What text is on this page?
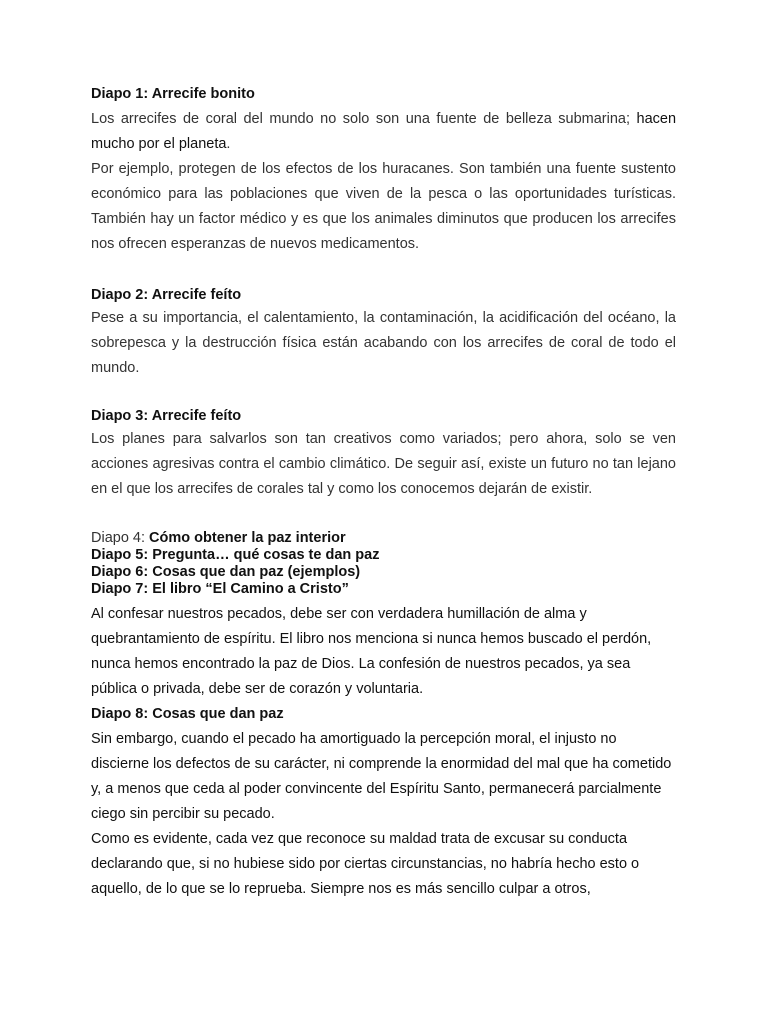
Diapo 1: Arrecife bonito

Los arrecifes de coral del mundo no solo son una fuente de belleza submarina; hacen mucho por el planeta.

Por ejemplo, protegen de los efectos de los huracanes. Son también una fuente sustento económico para las poblaciones que viven de la pesca o las oportunidades turísticas. También hay un factor médico y es que los animales diminutos que producen los arrecifes nos ofrecen esperanzas de nuevos medicamentos.

Diapo 2: Arrecife feíto

Pese a su importancia, el calentamiento, la contaminación, la acidificación del océano, la sobrepesca y la destrucción física están acabando con los arrecifes de coral de todo el mundo.

Diapo 3: Arrecife feíto

Los planes para salvarlos son tan creativos como variados; pero ahora, solo se ven acciones agresivas contra el cambio climático. De seguir así, existe un futuro no tan lejano en el que los arrecifes de corales tal y como los conocemos dejarán de existir.

Diapo 4: Cómo obtener la paz interior

Diapo 5: Pregunta… qué cosas te dan paz

Diapo 6: Cosas que dan paz (ejemplos)

Diapo 7: El libro “El Camino a Cristo”

Al confesar nuestros pecados, debe ser con verdadera humillación de alma y quebrantamiento de espíritu. El libro nos menciona si nunca hemos buscado el perdón, nunca hemos encontrado la paz de Dios. La confesión de nuestros pecados, ya sea pública o privada, debe ser de corazón y voluntaria.

Diapo 8: Cosas que dan paz

Sin embargo, cuando el pecado ha amortiguado la percepción moral, el injusto no discierne los defectos de su carácter, ni comprende la enormidad del mal que ha cometido y, a menos que ceda al poder convincente del Espíritu Santo, permanecerá parcialmente ciego sin percibir su pecado.

Como es evidente, cada vez que reconoce su maldad trata de excusar su conducta declarando que, si no hubiese sido por ciertas circunstancias, no habría hecho esto o aquello, de lo que se lo reprueba. Siempre nos es más sencillo culpar a otros,
